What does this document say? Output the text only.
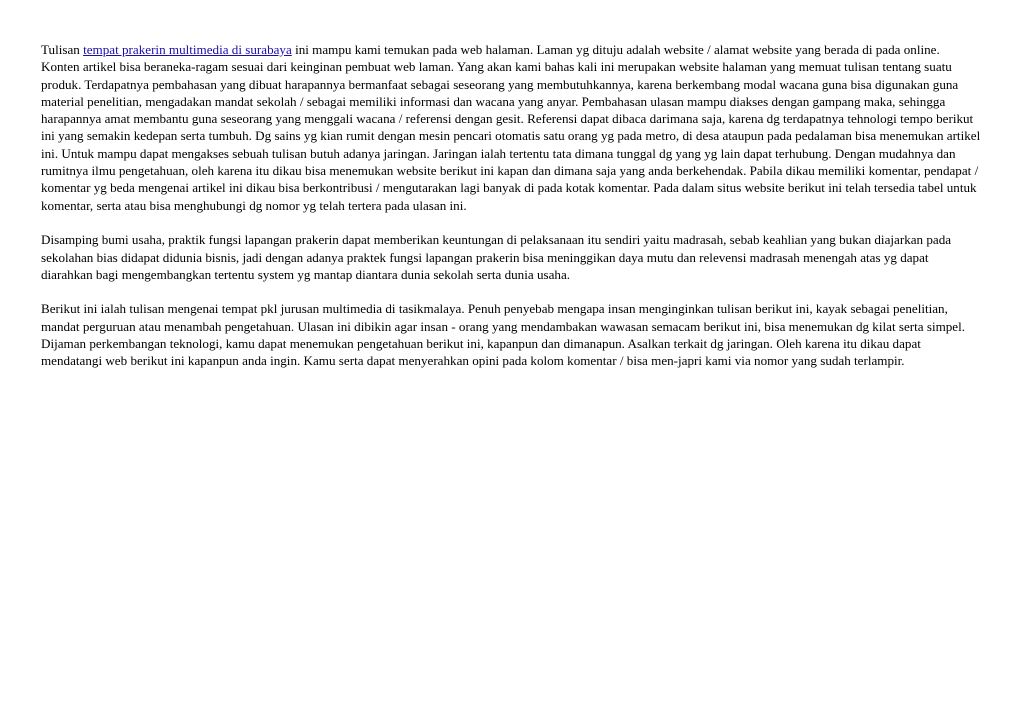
Tulisan tempat prakerin multimedia di surabaya ini mampu kami temukan pada web halaman. Laman yg dituju adalah website / alamat website yang berada di pada online. Konten artikel bisa beraneka-ragam sesuai dari keinginan pembuat web laman. Yang akan kami bahas kali ini merupakan website halaman yang memuat tulisan tentang suatu produk. Terdapatnya pembahasan yang dibuat harapannya bermanfaat sebagai seseorang yang membutuhkannya, karena berkembang modal wacana guna bisa digunakan guna material penelitian, mengadakan mandat sekolah / sebagai memiliki informasi dan wacana yang anyar. Pembahasan ulasan mampu diakses dengan gampang maka, sehingga harapannya amat membantu guna seseorang yang menggali wacana / referensi dengan gesit. Referensi dapat dibaca darimana saja, karena dg terdapatnya tehnologi tempo berikut ini yang semakin kedepan serta tumbuh. Dg sains yg kian rumit dengan mesin pencari otomatis satu orang yg pada metro, di desa ataupun pada pedalaman bisa menemukan artikel ini. Untuk mampu dapat mengakses sebuah tulisan butuh adanya jaringan. Jaringan ialah tertentu tata dimana tunggal dg yang yg lain dapat terhubung. Dengan mudahnya dan rumitnya ilmu pengetahuan, oleh karena itu dikau bisa menemukan website berikut ini kapan dan dimana saja yang anda berkehendak. Pabila dikau memiliki komentar, pendapat / komentar yg beda mengenai artikel ini dikau bisa berkontribusi / mengutarakan lagi banyak di pada kotak komentar. Pada dalam situs website berikut ini telah tersedia tabel untuk komentar, serta atau bisa menghubungi dg nomor yg telah tertera pada ulasan ini.

Disamping bumi usaha, praktik fungsi lapangan prakerin dapat memberikan keuntungan di pelaksanaan itu sendiri yaitu madrasah, sebab keahlian yang bukan diajarkan pada sekolahan bias didapat didunia bisnis, jadi dengan adanya praktek fungsi lapangan prakerin bisa meninggikan daya mutu dan relevensi madrasah menengah atas yg dapat diarahkan bagi mengembangkan tertentu system yg mantap diantara dunia sekolah serta dunia usaha.

Berikut ini ialah tulisan mengenai tempat pkl jurusan multimedia di tasikmalaya. Penuh penyebab mengapa insan menginginkan tulisan berikut ini, kayak sebagai penelitian, mandat perguruan atau menambah pengetahuan. Ulasan ini dibikin agar insan - orang yang mendambakan wawasan semacam berikut ini, bisa menemukan dg kilat serta simpel. Dijaman perkembangan teknologi, kamu dapat menemukan pengetahuan berikut ini, kapanpun dan dimanapun. Asalkan terkait dg jaringan. Oleh karena itu dikau dapat mendatangi web berikut ini kapanpun anda ingin. Kamu serta dapat menyerahkan opini pada kolom komentar / bisa men-japri kami via nomor yang sudah terlampir.
